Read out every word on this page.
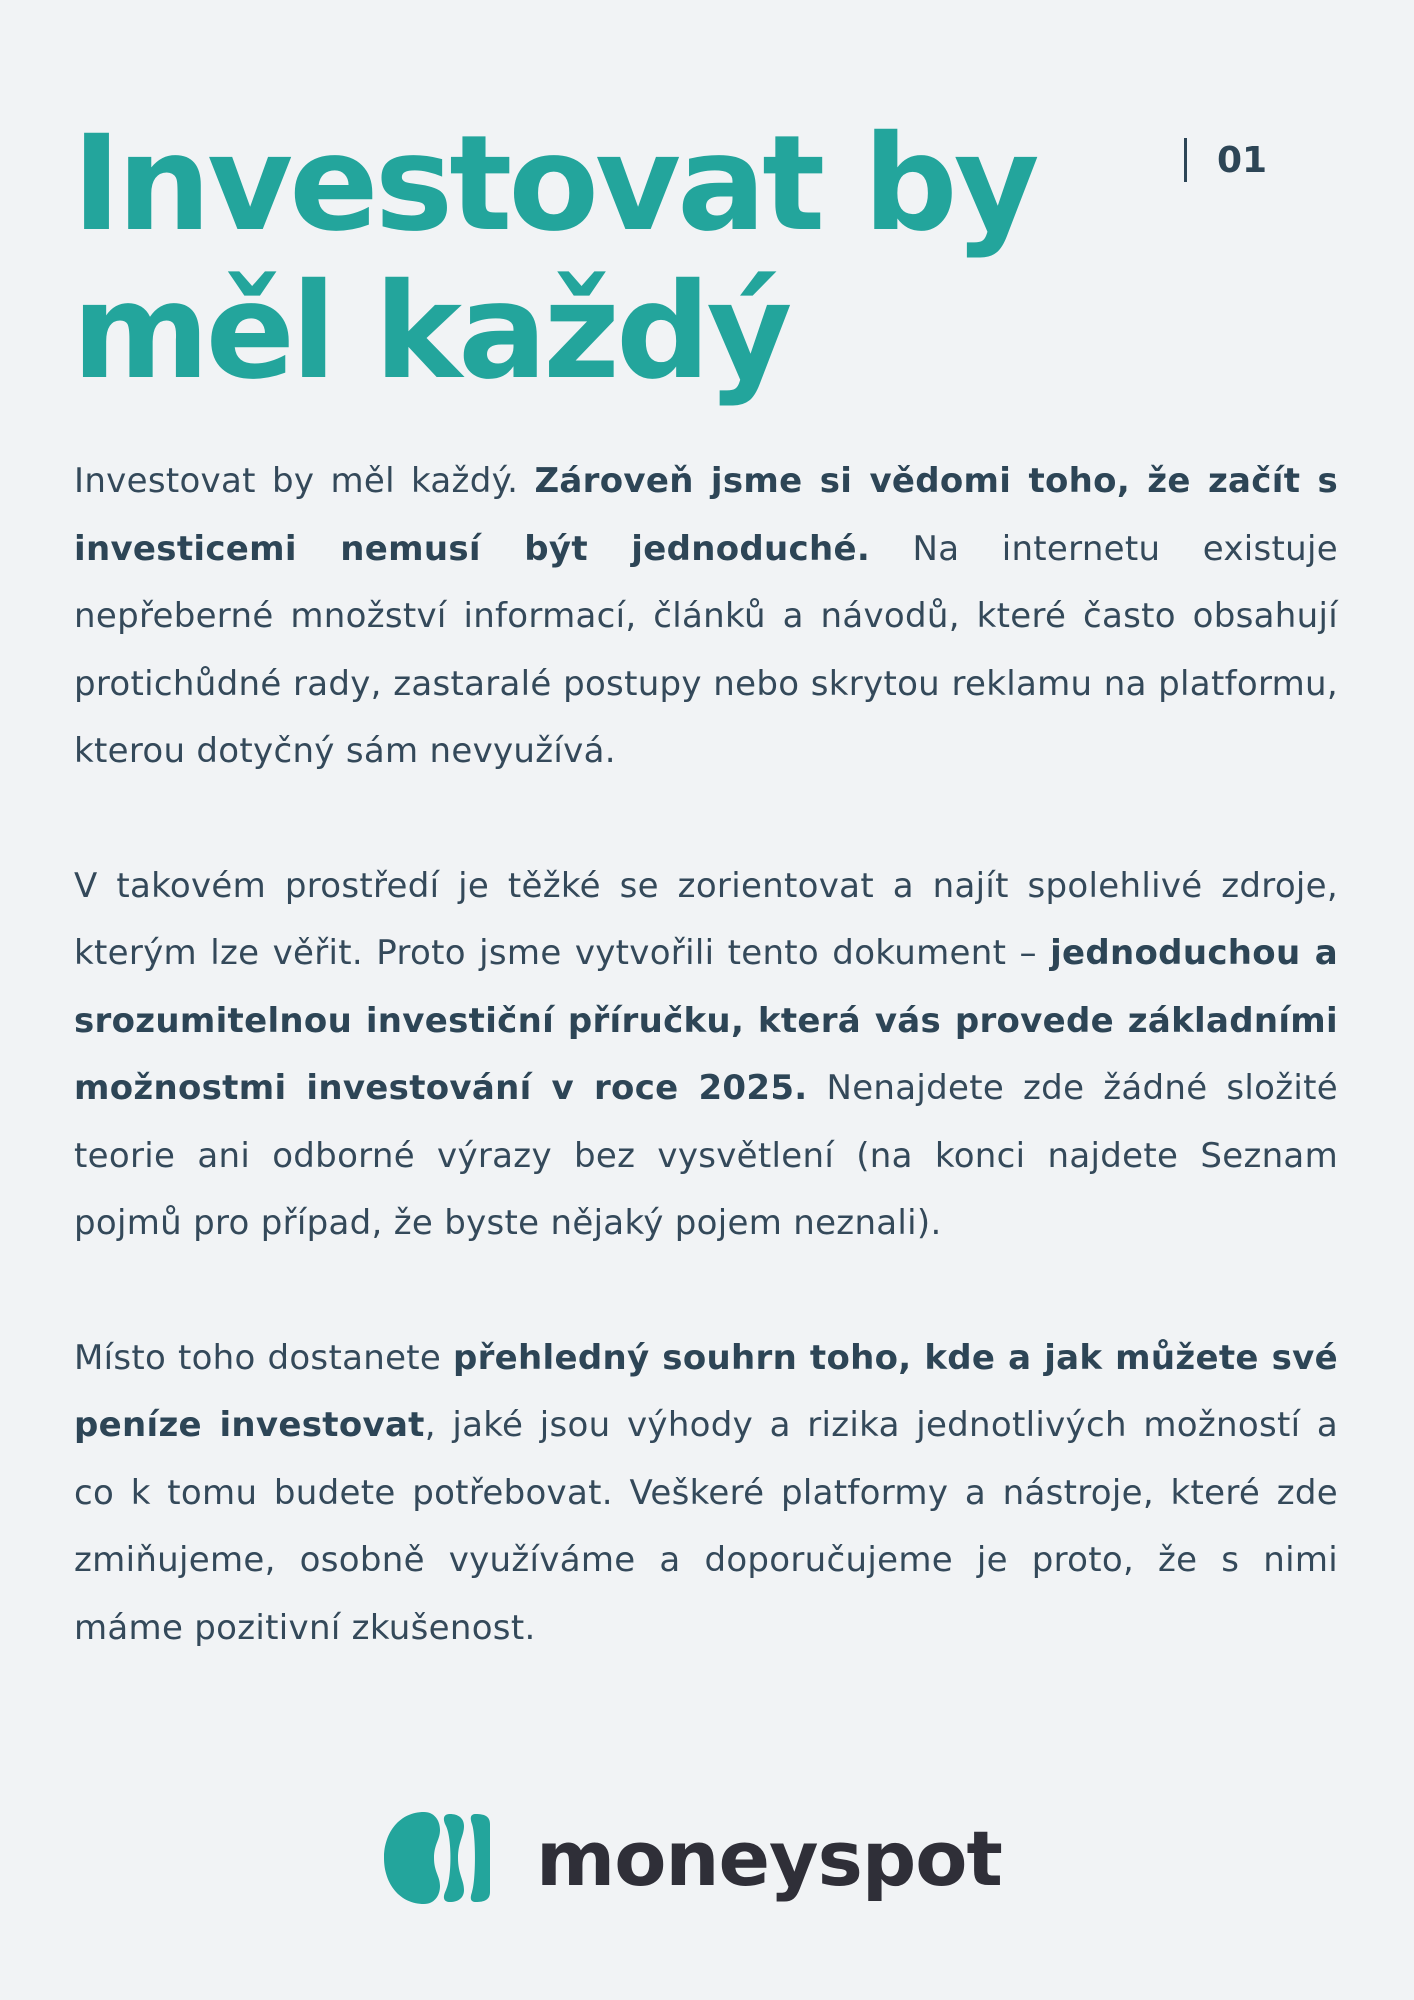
01
Investovat by
měl každý

Investovat by měl každý. Zároveň jsme si vědomi toho, že začít s investicemi nemusí být jednoduché. Na internetu existuje nepřeberné množství informací, článků a návodů, které často obsahují protichůdné rady, zastaralé postupy nebo skrytou reklamu na platformu, kterou dotyčný sám nevyužívá.

V takovém prostředí je těžké se zorientovat a najít spolehlivé zdroje, kterým lze věřit. Proto jsme vytvořili tento dokument – jednoduchou a srozumitelnou investiční příručku, která vás provede základními možnostmi investování v roce 2025. Nenajdete zde žádné složité teorie ani odborné výrazy bez vysvětlení (na konci najdete Seznam pojmů pro případ, že byste nějaký pojem neznali).

Místo toho dostanete přehledný souhrn toho, kde a jak můžete své peníze investovat, jaké jsou výhody a rizika jednotlivých možností a co k tomu budete potřebovat. Veškeré platformy a nástroje, které zde zmiňujeme, osobně využíváme a doporučujeme je proto, že s nimi máme pozitivní zkušenost.

moneyspot
